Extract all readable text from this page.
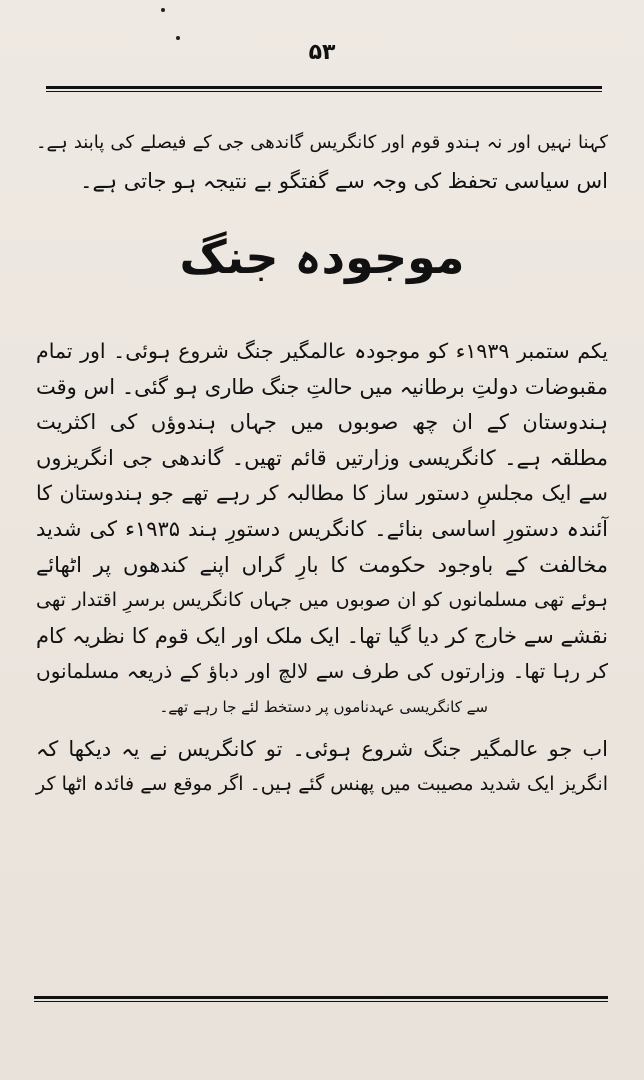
۵۳
کہنا نہیں اور نہ ہندو قوم اور کانگریس گاندھی جی کے فیصلے کی پابند ہے۔
اس سیاسی تحفظ کی وجہ سے گفتگو بے نتیجہ ہو جاتی ہے۔
موجودہ جنگ
یکم ستمبر ۱۹۳۹ء کو موجودہ عالمگیر جنگ شروع ہوئی۔ اور تمام
مقبوضات دولتِ برطانیہ میں حالتِ جنگ طاری ہو گئی۔ اس وقت
ہندوستان کے ان چھ صوبوں میں جہاں ہندوؤں کی اکثریت
مطلقہ ہے۔ کانگریسی وزارتیں قائم تھیں۔ گاندھی جی انگریزوں
سے ایک مجلسِ دستور ساز کا مطالبہ کر رہے تھے جو ہندوستان کا
آئندہ دستورِ اساسی بنائے۔ کانگریس دستورِ ہند ۱۹۳۵ء کی شدید
مخالفت کے باوجود حکومت کا بارِ گراں اپنے کندھوں پر اٹھائے
ہوئے تھی مسلمانوں کو ان صوبوں میں جہاں کانگریس برسرِ اقتدار تھی
نقشے سے خارج کر دیا گیا تھا۔ ایک ملک اور ایک قوم کا نظریہ کام
کر رہا تھا۔ وزارتوں کی طرف سے لالچ اور دباؤ کے ذریعہ مسلمانوں
سے کانگریسی عہدناموں پر دستخط لئے جا رہے تھے۔
اب جو عالمگیر جنگ شروع ہوئی۔ تو کانگریس نے یہ دیکھا کہ
انگریز ایک شدید مصیبت میں پھنس گئے ہیں۔ اگر موقع سے فائدہ اٹھا کر
